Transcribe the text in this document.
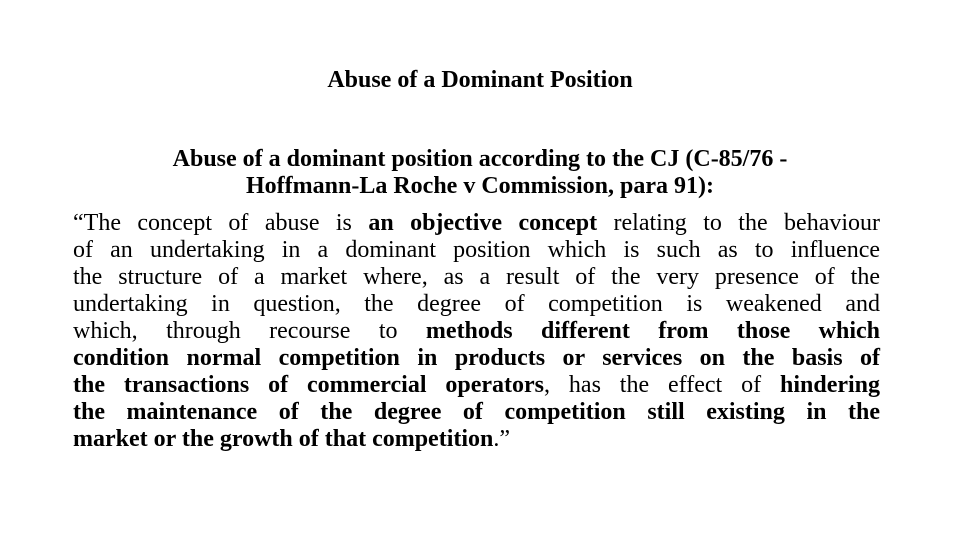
Abuse of a Dominant Position
Abuse of a dominant position according to the CJ (C-85/76 -
Hoffmann-La Roche v Commission, para 91):
“The concept of abuse is an objective concept relating to the behaviour
of an undertaking in a dominant position which is such as to influence
the structure of a market where, as a result of the very presence of the
undertaking in question, the degree of competition is weakened and
which, through recourse to methods different from those which
condition normal competition in products or services on the basis of
the transactions of commercial operators, has the effect of hindering
the maintenance of the degree of competition still existing in the
market or the growth of that competition.”
